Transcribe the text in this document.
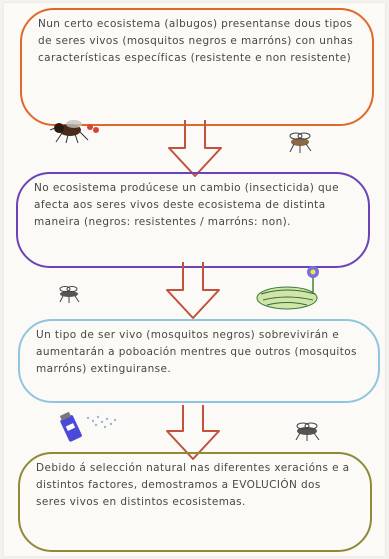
Nun certo ecosistema (albugos) presentanse dous tipos de seres vivos (mosquitos negros e marróns) con unhas características específicas (resistente e non resistente)
No ecosistema prodúcese un cambio (insecticida) que afecta aos seres vivos deste ecosistema de distinta maneira (negros: resistentes / marróns: non).
Un tipo de ser vivo (mosquitos negros) sobrevivirán e aumentarán a poboación mentres que outros (mosquitos marróns) extinguiranse.
Debido á selección natural nas diferentes xeracións e a distintos factores, demostramos a EVOLUCIÓN dos seres vivos en distintos ecosistemas.
